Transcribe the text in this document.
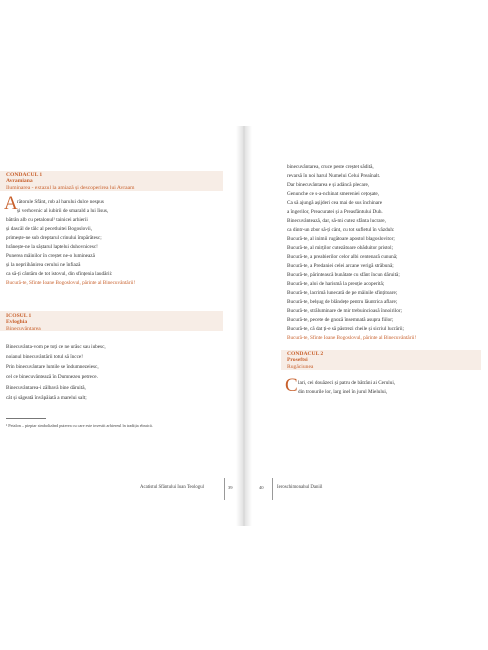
CONDACUL 1
Avramiana
Iluminarea - extazul la amiază și descoperirea lui Avraam
A rătorule Sfânt, rob al harului dulce nespus
și verhovnic al iubirii de smarald a lui Iisus,
bătrân alb cu petalonul¹ tainicei arhierii
și dascăl de tâlc al pecetluitei Bogoslovii,
primește-ne sub dreptarul crinului împărătesc;
hrănește-ne la sâștarul laptelui duhovnicesc!
Punerea mâinilor în creștet ne-o luminează
și la nepriihănirea cerului ne înfiază
ca să-ți cântăm de tot istovul, din sfințenia laudării:
Bucură-te, Sfinte Ioane Bogoslovul, părinte al Binecuvântării!
ICOSUL 1
Evloghia
Binecuvântarea
Binecuvânta-vom pe toți ce ne urăsc sau iubesc,
noianul binecuvântării totul să încce!
Prin binecuvântare lumile se îndumnezeiesc,
cel ce binecuvântează în Dumnezeu petrece.
Binecuvântarea-i zălbavă bine dăruită,
cât și săgeată învăpăiată a marelui salt;
¹ Petalon – pieptar simbolizând puterea cu care este investit arhiereul în tradiția ebraică.
Acatistul Sfântului Ioan Teologul	39
binecuvântarea, cruce peste creștet sădită,
revarsă în noi harul Numelui Celui Preaînalt.
Dar binecuvântarea e și adâncă plecare,
Genunche ce s-a-nchinat smereniei cețoșate,
Ca să ajungă așijderi cea mai de sus închinare
a îngerilor, Preacuratei și a Preasfântului Duh.
Binecuvântează, dar, să-mi cutez sfânta lucrare,
ca dintr-un zbor să-ți cânt, cu tot sufletul în văzduh:
Bucură-te, al inimii rugătoare apostol blagoslovitor;
Bucură-te, al mirților cutezătoare obăduitor pristol;
Bucură-te, a preabierilor celor albi centenară cunună;
Bucură-te, a Predaniei celei arcane verigă străbună;
Bucură-te, părintească bunătate cu sfânt încun dăruită;
Bucură-te, aloi de harismă la preoție acoperită;
Bucură-te, lacrimă lunecată de pe mâinile sfințitoare;
Bucură-te, belșug de blândețe pentru lăuntrica aflare;
Bucură-te, străluminare de mir trebuincioasă înnoirilor;
Bucură-te, pecete de gnoză însemnată asupra fiilor;
Bucură-te, că dat ți-e să păstrezi cheile și sicriul lucrării;
Bucură-te, Sfinte Ioane Bogoslovul, părinte al Binecuvântării!
CONDACUL 2
Proseftsi
Rugăciunea
C lari, cei douăzeci și patru de bătrâni ai Cerului,
din tronurile lor, larg inel în jurul Mielului,
40	Ieroschimonahul Daniil
